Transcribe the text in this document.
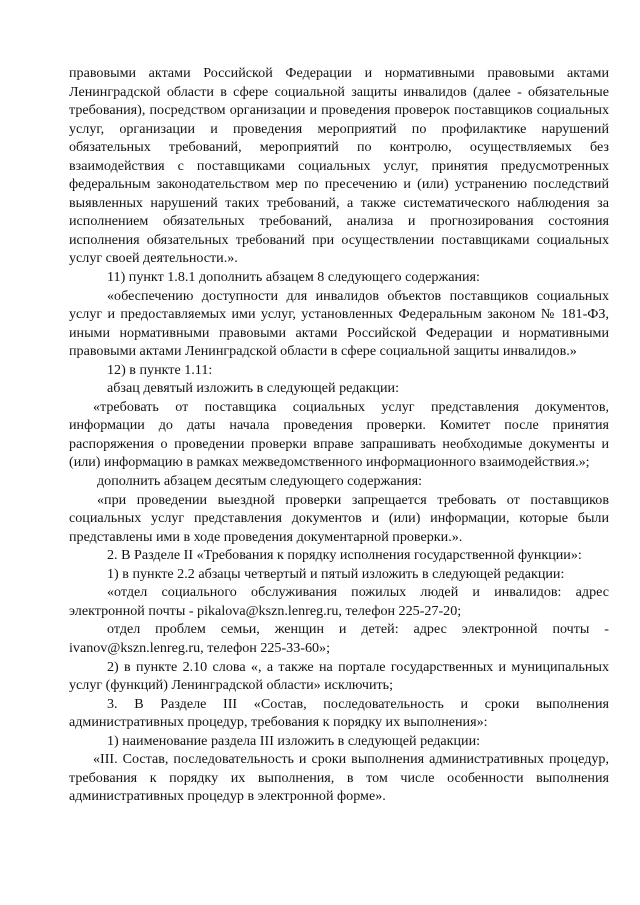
правовыми актами Российской Федерации и нормативными правовыми актами Ленинградской области в сфере социальной защиты инвалидов (далее - обязательные требования), посредством организации и проведения проверок поставщиков социальных услуг, организации и проведения мероприятий по профилактике нарушений обязательных требований, мероприятий по контролю, осуществляемых без взаимодействия с поставщиками социальных услуг, принятия предусмотренных федеральным законодательством мер по пресечению и (или) устранению последствий выявленных нарушений таких требований, а также систематического наблюдения за исполнением обязательных требований, анализа и прогнозирования состояния исполнения обязательных требований при осуществлении поставщиками социальных услуг своей деятельности.».

11) пункт 1.8.1 дополнить абзацем 8 следующего содержания:

«обеспечению доступности для инвалидов объектов поставщиков социальных услуг и предоставляемых ими услуг, установленных Федеральным законом № 181-ФЗ, иными нормативными правовыми актами Российской Федерации и нормативными правовыми актами Ленинградской области в сфере социальной защиты инвалидов.»

12) в пункте 1.11:

абзац девятый изложить в следующей редакции:

«требовать от поставщика социальных услуг представления документов, информации до даты начала проведения проверки. Комитет после принятия распоряжения о проведении проверки вправе запрашивать необходимые документы и (или) информацию в рамках межведомственного информационного взаимодействия.»;

дополнить абзацем десятым следующего содержания:

«при проведении выездной проверки запрещается требовать от поставщиков социальных услуг представления документов и (или) информации, которые были представлены ими в ходе проведения документарной проверки.».

2. В Разделе II «Требования к порядку исполнения государственной функции»:

1) в пункте 2.2 абзацы четвертый и пятый изложить в следующей редакции:

«отдел социального обслуживания пожилых людей и инвалидов: адрес электронной почты - pikalova@kszn.lenreg.ru, телефон 225-27-20;

отдел проблем семьи, женщин и детей: адрес электронной почты - ivanov@kszn.lenreg.ru, телефон 225-33-60»;

2) в пункте 2.10 слова «, а также на портале государственных и муниципальных услуг (функций) Ленинградской области» исключить;

3. В Разделе III «Состав, последовательность и сроки выполнения административных процедур, требования к порядку их выполнения»:

1) наименование раздела III изложить в следующей редакции:

«III. Состав, последовательность и сроки выполнения административных процедур, требования к порядку их выполнения, в том числе особенности выполнения административных процедур в электронной форме».
